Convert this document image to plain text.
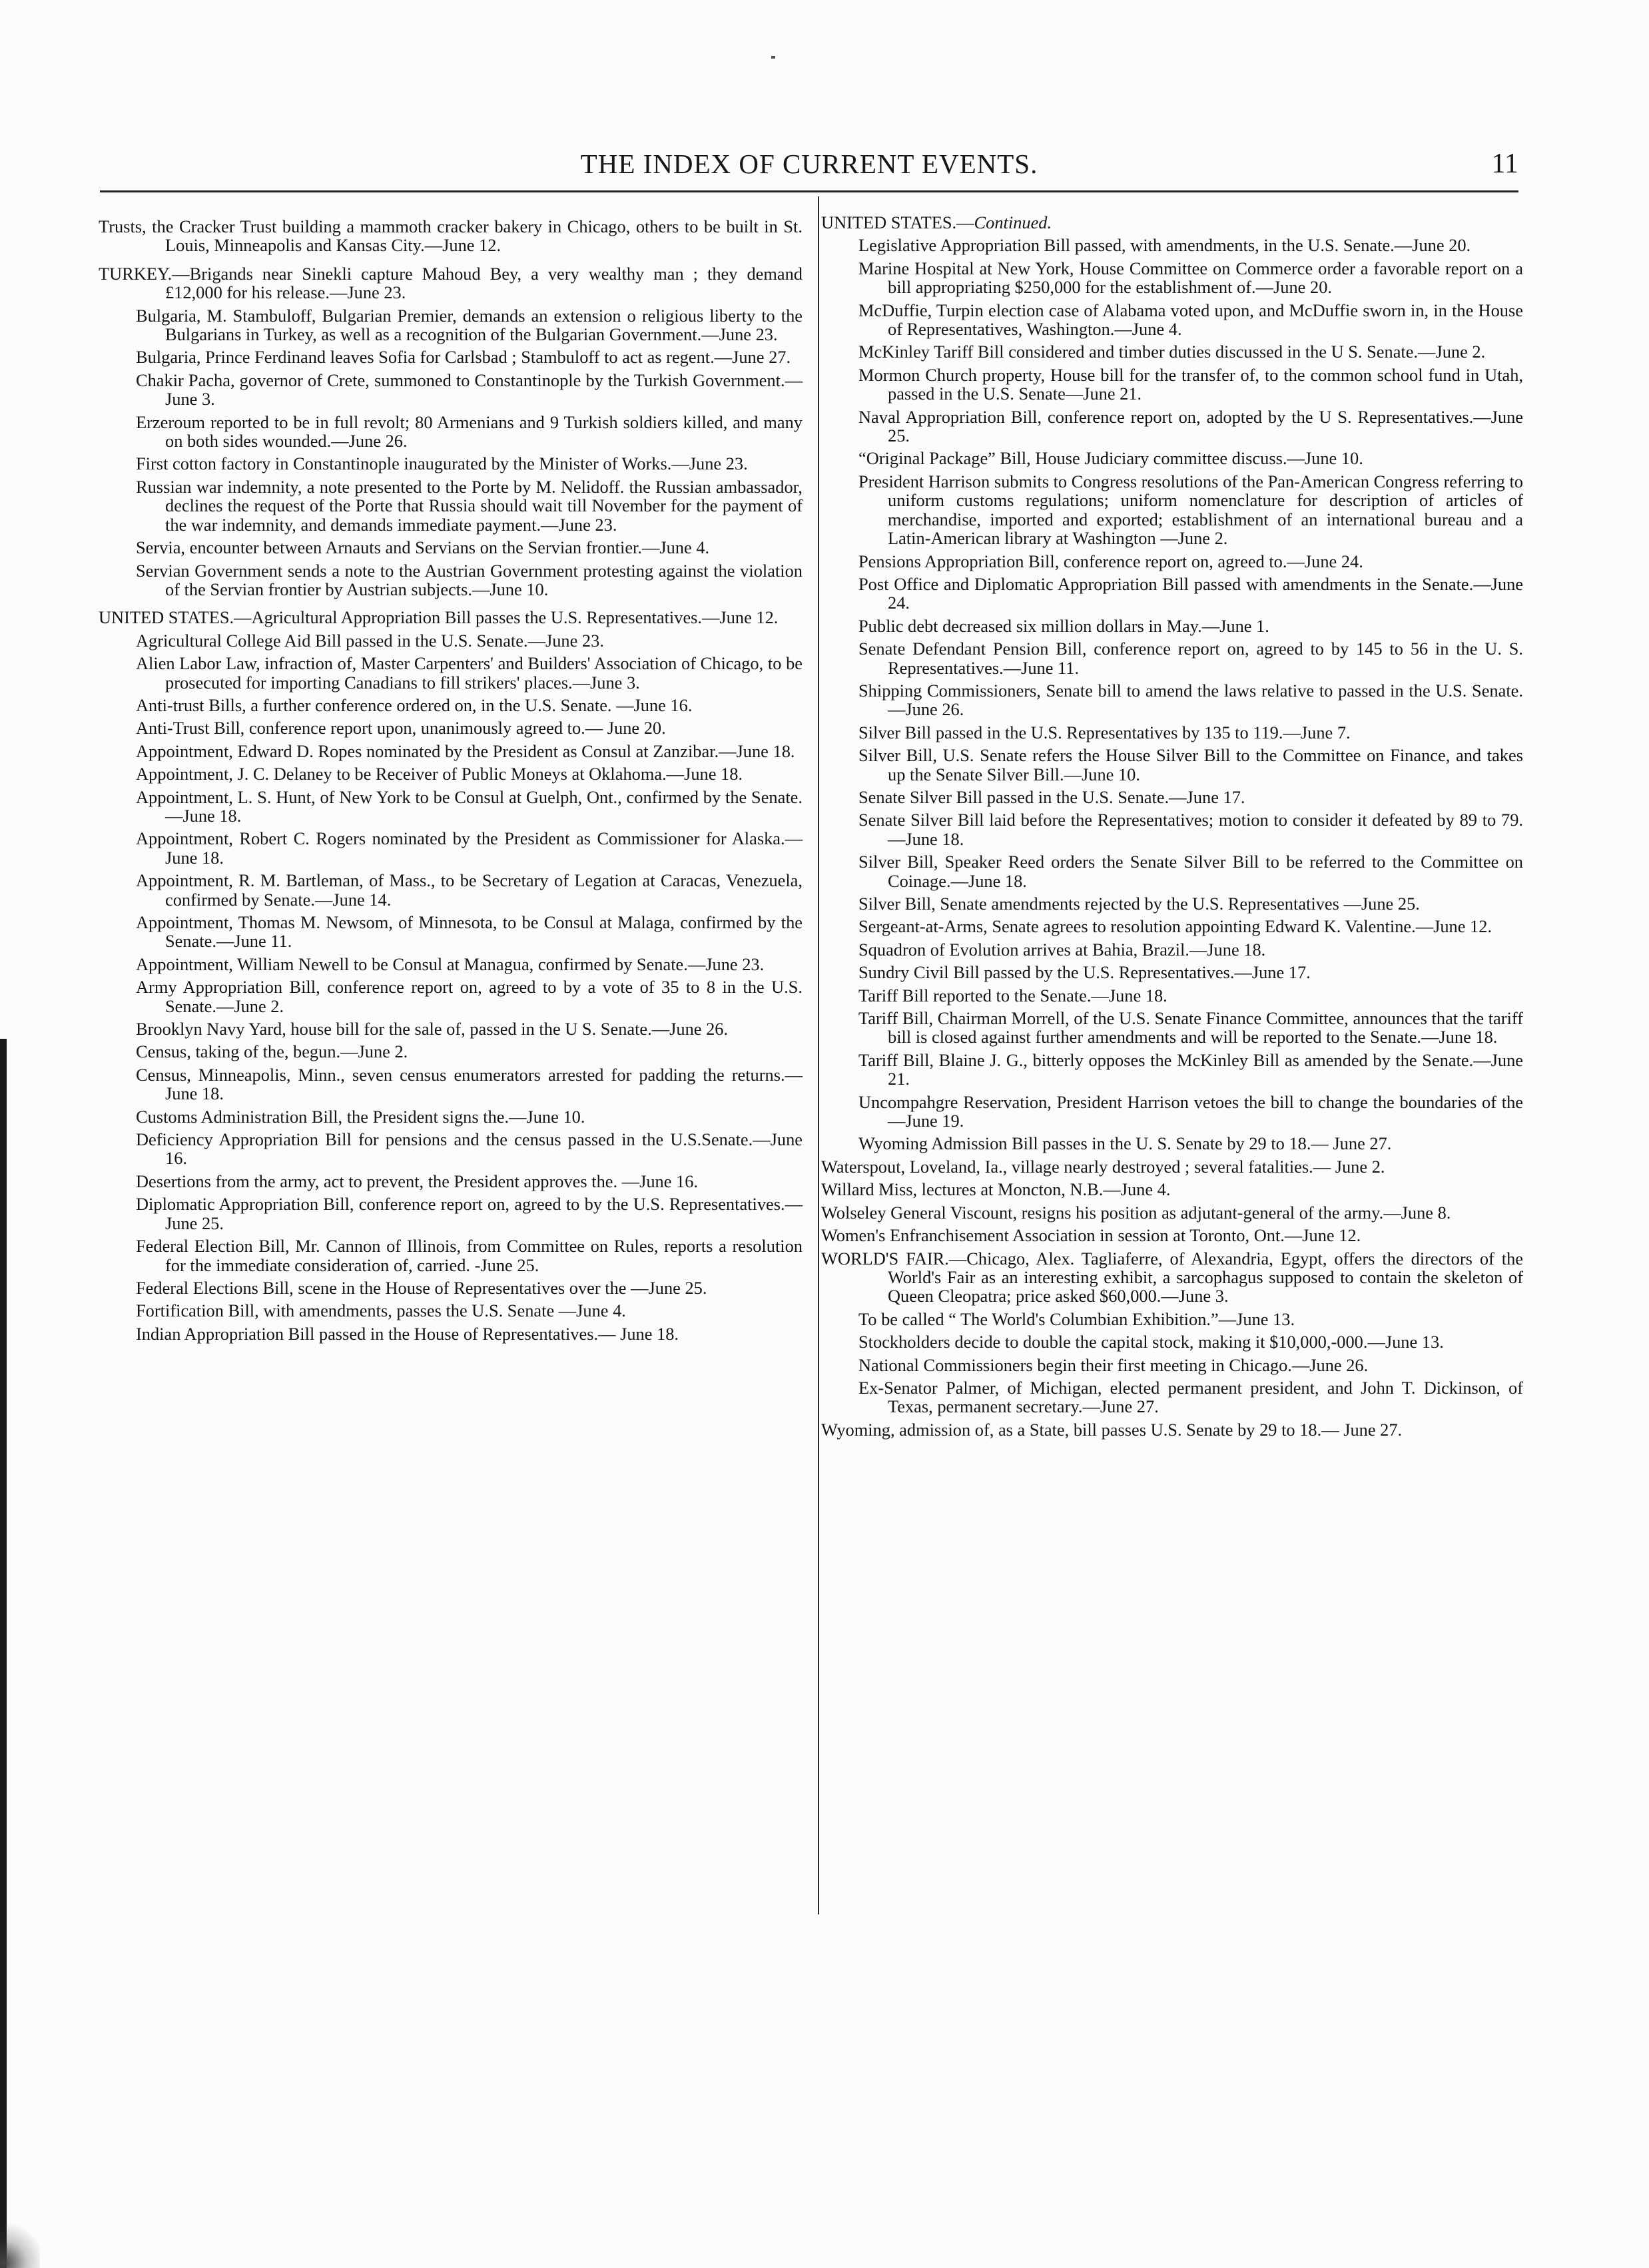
THE INDEX OF CURRENT EVENTS.	11

Trusts, the Cracker Trust building a mammoth cracker bakery in Chicago, others to be built in St. Louis, Minneapolis and Kansas City.—June 12.

TURKEY.—Brigands near Sinekli capture Mahoud Bey, a very wealthy man ; they demand £12,000 for his release.—June 23.

Bulgaria, M. Stambuloff, Bulgarian Premier, demands an extension o religious liberty to the Bulgarians in Turkey, as well as a recognition of the Bulgarian Government.—June 23.

Bulgaria, Prince Ferdinand leaves Sofia for Carlsbad ; Stambuloff to act as regent.—June 27.

Chakir Pacha, governor of Crete, summoned to Constantinople by the Turkish Government.—June 3.

Erzeroum reported to be in full revolt; 80 Armenians and 9 Turkish soldiers killed, and many on both sides wounded.—June 26.

First cotton factory in Constantinople inaugurated by the Minister of Works.—June 23.

Russian war indemnity, a note presented to the Porte by M. Nelidoff. the Russian ambassador, declines the request of the Porte that Russia should wait till November for the payment of the war indemnity, and demands immediate payment.—June 23.

Servia, encounter between Arnauts and Servians on the Servian frontier.—June 4.

Servian Government sends a note to the Austrian Government protesting against the violation of the Servian frontier by Austrian subjects.—June 10.

UNITED STATES.—Agricultural Appropriation Bill passes the U.S. Representatives.—June 12.

Agricultural College Aid Bill passed in the U.S. Senate.—June 23.

Alien Labor Law, infraction of, Master Carpenters' and Builders' Association of Chicago, to be prosecuted for importing Canadians to fill strikers' places.—June 3.

Anti-trust Bills, a further conference ordered on, in the U.S. Senate. —June 16.

Anti-Trust Bill, conference report upon, unanimously agreed to.— June 20.

Appointment, Edward D. Ropes nominated by the President as Consul at Zanzibar.—June 18.

Appointment, J. C. Delaney to be Receiver of Public Moneys at Oklahoma.—June 18.

Appointment, L. S. Hunt, of New York to be Consul at Guelph, Ont., confirmed by the Senate.—June 18.

Appointment, Robert C. Rogers nominated by the President as Commissioner for Alaska.—June 18.

Appointment, R. M. Bartleman, of Mass., to be Secretary of Legation at Caracas, Venezuela, confirmed by Senate.—June 14.

Appointment, Thomas M. Newsom, of Minnesota, to be Consul at Malaga, confirmed by the Senate.—June 11.

Appointment, William Newell to be Consul at Managua, confirmed by Senate.—June 23.

Army Appropriation Bill, conference report on, agreed to by a vote of 35 to 8 in the U.S. Senate.—June 2.

Brooklyn Navy Yard, house bill for the sale of, passed in the U S. Senate.—June 26.

Census, taking of the, begun.—June 2.

Census, Minneapolis, Minn., seven census enumerators arrested for padding the returns.—June 18.

Customs Administration Bill, the President signs the.—June 10.

Deficiency Appropriation Bill for pensions and the census passed in the U.S.Senate.—June 16.

Desertions from the army, act to prevent, the President approves the. —June 16.

Diplomatic Appropriation Bill, conference report on, agreed to by the U.S. Representatives.—June 25.

Federal Election Bill, Mr. Cannon of Illinois, from Committee on Rules, reports a resolution for the immediate consideration of, carried. -June 25.

Federal Elections Bill, scene in the House of Representatives over the —June 25.

Fortification Bill, with amendments, passes the U.S. Senate —June 4.

Indian Appropriation Bill passed in the House of Representatives.— June 18.

UNITED STATES.—Continued.

Legislative Appropriation Bill passed, with amendments, in the U.S. Senate.—June 20.

Marine Hospital at New York, House Committee on Commerce order a favorable report on a bill appropriating $250,000 for the establishment of.—June 20.

McDuffie, Turpin election case of Alabama voted upon, and McDuffie sworn in, in the House of Representatives, Washington.—June 4.

McKinley Tariff Bill considered and timber duties discussed in the U S. Senate.—June 2.

Mormon Church property, House bill for the transfer of, to the common school fund in Utah, passed in the U.S. Senate—June 21.

Naval Appropriation Bill, conference report on, adopted by the U S. Representatives.—June 25.

“Original Package” Bill, House Judiciary committee discuss.—June 10.

President Harrison submits to Congress resolutions of the Pan-American Congress referring to uniform customs regulations; uniform nomenclature for description of articles of merchandise, imported and exported; establishment of an international bureau and a Latin-American library at Washington —June 2.

Pensions Appropriation Bill, conference report on, agreed to.—June 24.

Post Office and Diplomatic Appropriation Bill passed with amendments in the Senate.—June 24.

Public debt decreased six million dollars in May.—June 1.

Senate Defendant Pension Bill, conference report on, agreed to by 145 to 56 in the U. S. Representatives.—June 11.

Shipping Commissioners, Senate bill to amend the laws relative to passed in the U.S. Senate.—June 26.

Silver Bill passed in the U.S. Representatives by 135 to 119.—June 7.

Silver Bill, U.S. Senate refers the House Silver Bill to the Committee on Finance, and takes up the Senate Silver Bill.—June 10.

Senate Silver Bill passed in the U.S. Senate.—June 17.

Senate Silver Bill laid before the Representatives; motion to consider it defeated by 89 to 79.—June 18.

Silver Bill, Speaker Reed orders the Senate Silver Bill to be referred to the Committee on Coinage.—June 18.

Silver Bill, Senate amendments rejected by the U.S. Representatives —June 25.

Sergeant-at-Arms, Senate agrees to resolution appointing Edward K. Valentine.—June 12.

Squadron of Evolution arrives at Bahia, Brazil.—June 18.

Sundry Civil Bill passed by the U.S. Representatives.—June 17.

Tariff Bill reported to the Senate.—June 18.

Tariff Bill, Chairman Morrell, of the U.S. Senate Finance Committee, announces that the tariff bill is closed against further amendments and will be reported to the Senate.—June 18.

Tariff Bill, Blaine J. G., bitterly opposes the McKinley Bill as amended by the Senate.—June 21.

Uncompahgre Reservation, President Harrison vetoes the bill to change the boundaries of the —June 19.

Wyoming Admission Bill passes in the U. S. Senate by 29 to 18.— June 27.

Waterspout, Loveland, Ia., village nearly destroyed ; several fatalities.— June 2.

Willard Miss, lectures at Moncton, N.B.—June 4.

Wolseley General Viscount, resigns his position as adjutant-general of the army.—June 8.

Women's Enfranchisement Association in session at Toronto, Ont.—June 12.

WORLD'S FAIR.—Chicago, Alex. Tagliaferre, of Alexandria, Egypt, offers the directors of the World's Fair as an interesting exhibit, a sarcophagus supposed to contain the skeleton of Queen Cleopatra; price asked $60,000.—June 3.

To be called “ The World's Columbian Exhibition.”—June 13.

Stockholders decide to double the capital stock, making it $10,000,-000.—June 13.

National Commissioners begin their first meeting in Chicago.—June 26.

Ex-Senator Palmer, of Michigan, elected permanent president, and John T. Dickinson, of Texas, permanent secretary.—June 27.

Wyoming, admission of, as a State, bill passes U.S. Senate by 29 to 18.— June 27.
